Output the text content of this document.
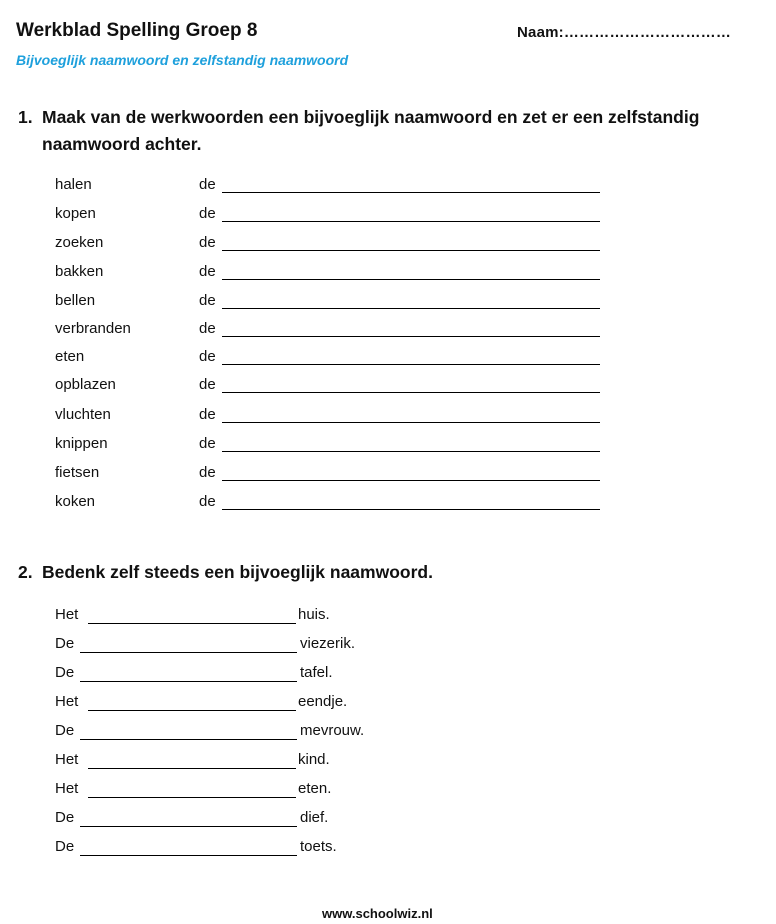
Werkblad Spelling Groep 8	Naam:……………………………
Bijvoeglijk naamwoord en zelfstandig naamwoord
1. Maak van de werkwoorden een bijvoeglijk naamwoord en zet er een zelfstandig naamwoord achter.
halen	de
kopen	de
zoeken	de
bakken	de
bellen	de
verbranden	de
eten	de
opblazen	de
vluchten	de
knippen	de
fietsen	de
koken	de
2. Bedenk zelf steeds een bijvoeglijk naamwoord.
Het	huis.
De	viezerik.
De	tafel.
Het	eendje.
De	mevrouw.
Het	kind.
Het	eten.
De	dief.
De	toets.
www.schoolwiz.nl
